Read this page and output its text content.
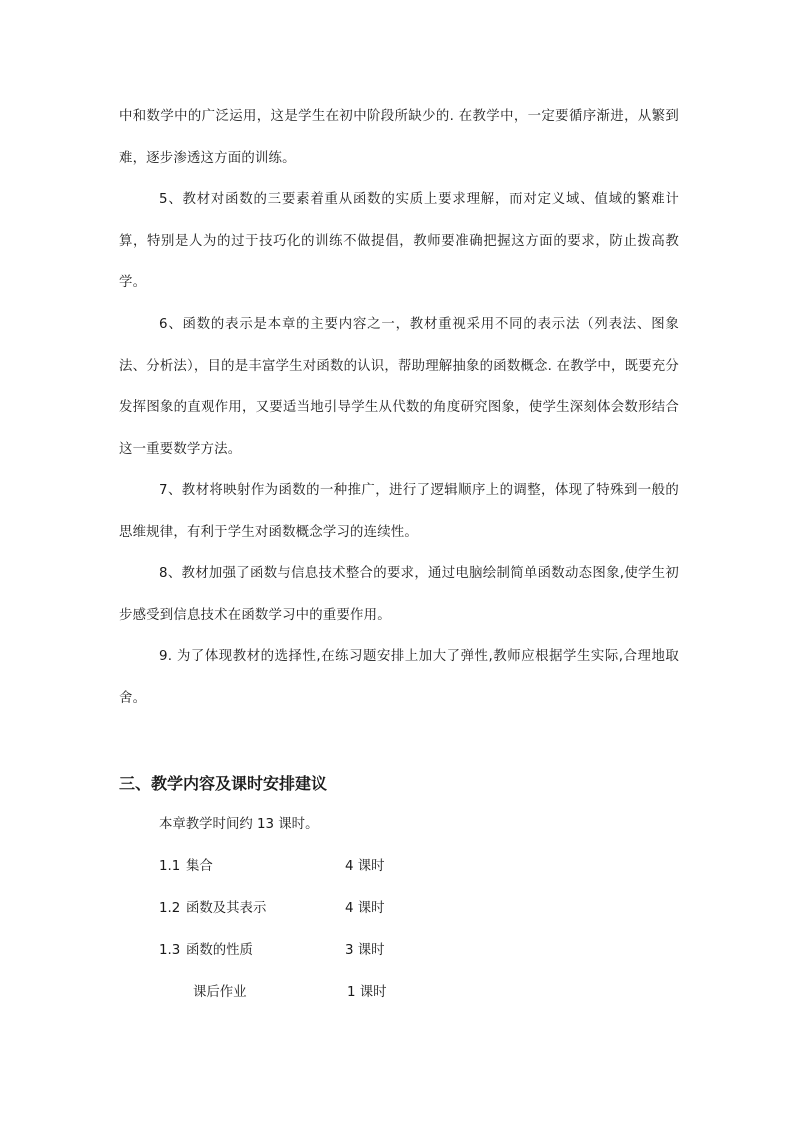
中和数学中的广泛运用，这是学生在初中阶段所缺少的. 在教学中，一定要循序渐进，从繁到难，逐步渗透这方面的训练。

5、教材对函数的三要素着重从函数的实质上要求理解，而对定义域、值域的繁难计算，特别是人为的过于技巧化的训练不做提倡，教师要准确把握这方面的要求，防止拨高教学。

6、函数的表示是本章的主要内容之一，教材重视采用不同的表示法（列表法、图象法、分析法），目的是丰富学生对函数的认识，帮助理解抽象的函数概念. 在教学中，既要充分发挥图象的直观作用，又要适当地引导学生从代数的角度研究图象，使学生深刻体会数形结合这一重要数学方法。

7、教材将映射作为函数的一种推广，进行了逻辑顺序上的调整，体现了特殊到一般的思维规律，有利于学生对函数概念学习的连续性。

8、教材加强了函数与信息技术整合的要求，通过电脑绘制简单函数动态图象,使学生初步感受到信息技术在函数学习中的重要作用。

9. 为了体现教材的选择性,在练习题安排上加大了弹性,教师应根据学生实际,合理地取舍。

三、教学内容及课时安排建议
本章教学时间约 13 课时。
1.1 集合	4 课时
1.2 函数及其表示	4 课时
1.3 函数的性质	3 课时
课后作业	1 课时
